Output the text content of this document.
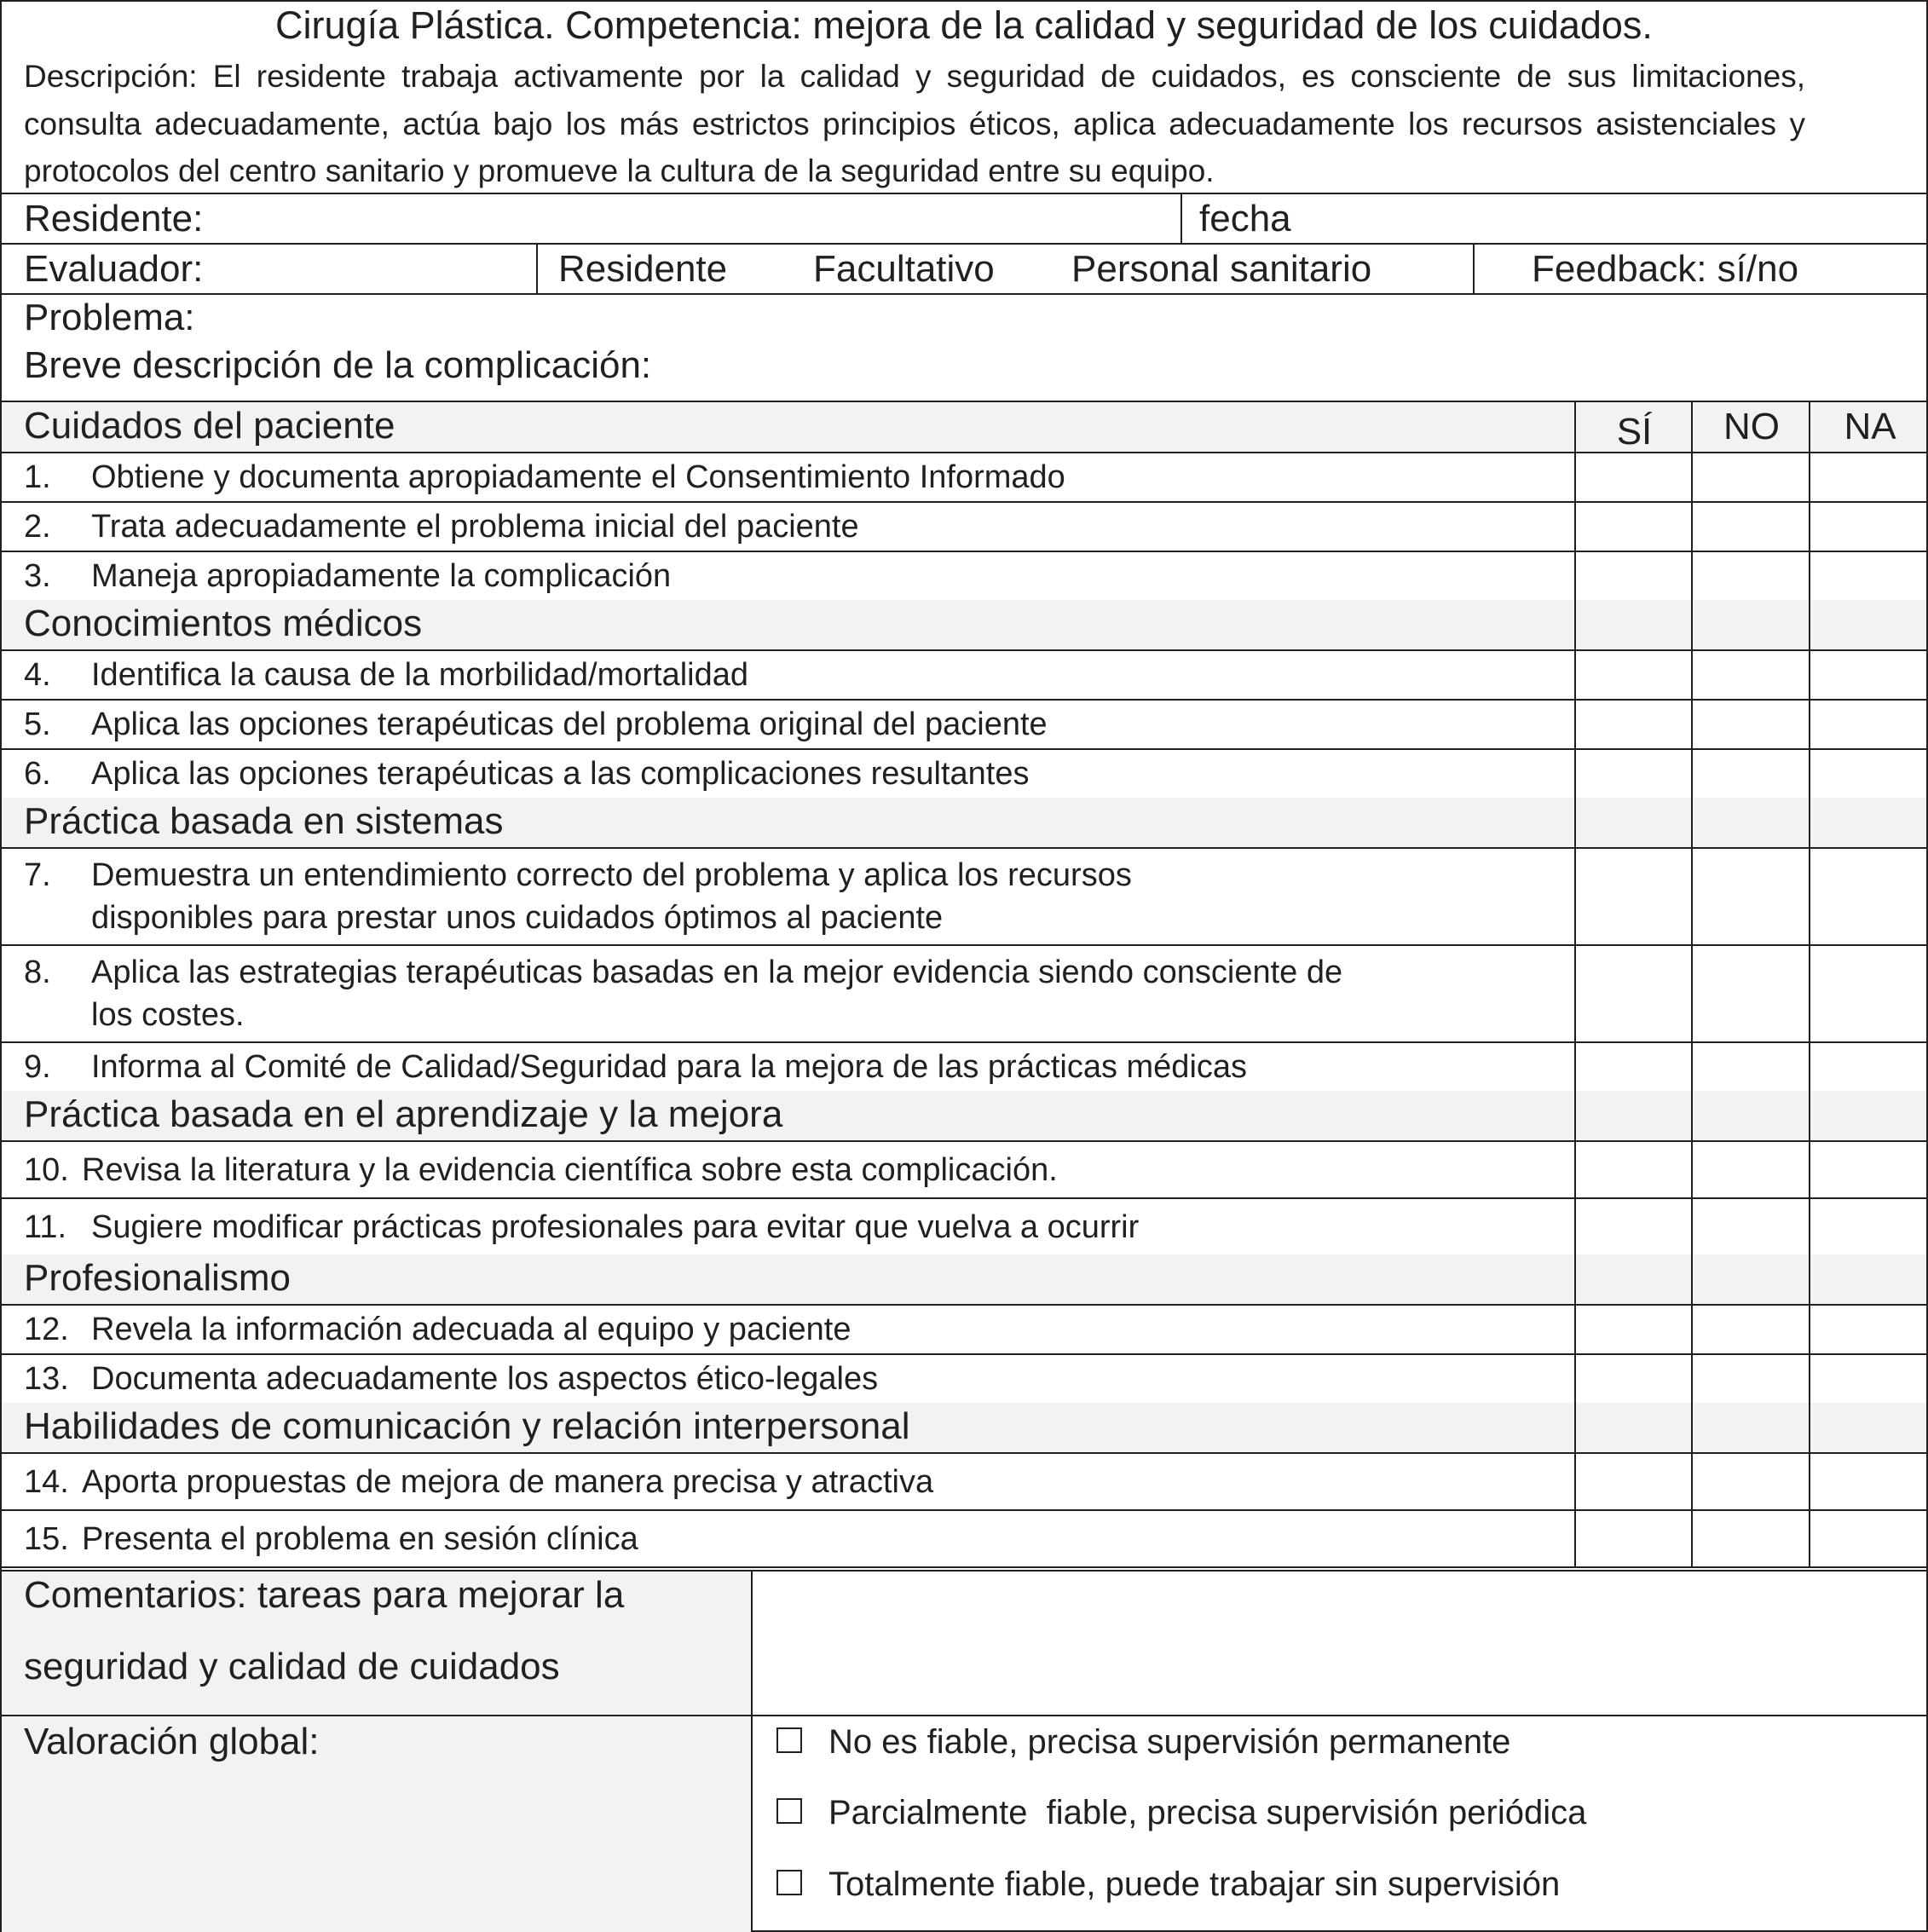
Cirugía Plástica. Competencia: mejora de la calidad y seguridad de los cuidados.
Descripción: El residente trabaja activamente por la calidad y seguridad de cuidados, es consciente de sus limitaciones, consulta adecuadamente, actúa bajo los más estrictos principios éticos, aplica adecuadamente los recursos asistenciales y protocolos del centro sanitario y promueve la cultura de la seguridad entre su equipo.
Residente:	fecha
Evaluador:	Residente Facultativo Personal sanitario	Feedback: sí/no
Problema:
Breve descripción de la complicación:
Comentarios: tareas para mejorar la
seguridad y calidad de cuidados
Valoración global:	No es fiable, precisa supervisión permanente
Parcialmente  fiable, precisa supervisión periódica
Totalmente fiable, puede trabajar sin supervisión
Cuidados del paciente	SÍ	NO	NA
1. Obtiene y documenta apropiadamente el Consentimiento Informado
2. Trata adecuadamente el problema inicial del paciente
3. Maneja apropiadamente la complicación
Conocimientos médicos
4. Identifica la causa de la morbilidad/mortalidad
5. Aplica las opciones terapéuticas del problema original del paciente
6. Aplica las opciones terapéuticas a las complicaciones resultantes
Práctica basada en sistemas
7. Demuestra un entendimiento correcto del problema y aplica los recursos
disponibles para prestar unos cuidados óptimos al paciente
8. Aplica las estrategias terapéuticas basadas en la mejor evidencia siendo consciente de
los costes.
9. Informa al Comité de Calidad/Seguridad para la mejora de las prácticas médicas
Práctica basada en el aprendizaje y la mejora
10. Revisa la literatura y la evidencia científica sobre esta complicación.
11. Sugiere modificar prácticas profesionales para evitar que vuelva a ocurrir
Profesionalismo
12. Revela la información adecuada al equipo y paciente
13. Documenta adecuadamente los aspectos ético-legales
Habilidades de comunicación y relación interpersonal
14. Aporta propuestas de mejora de manera precisa y atractiva
15. Presenta el problema en sesión clínica
